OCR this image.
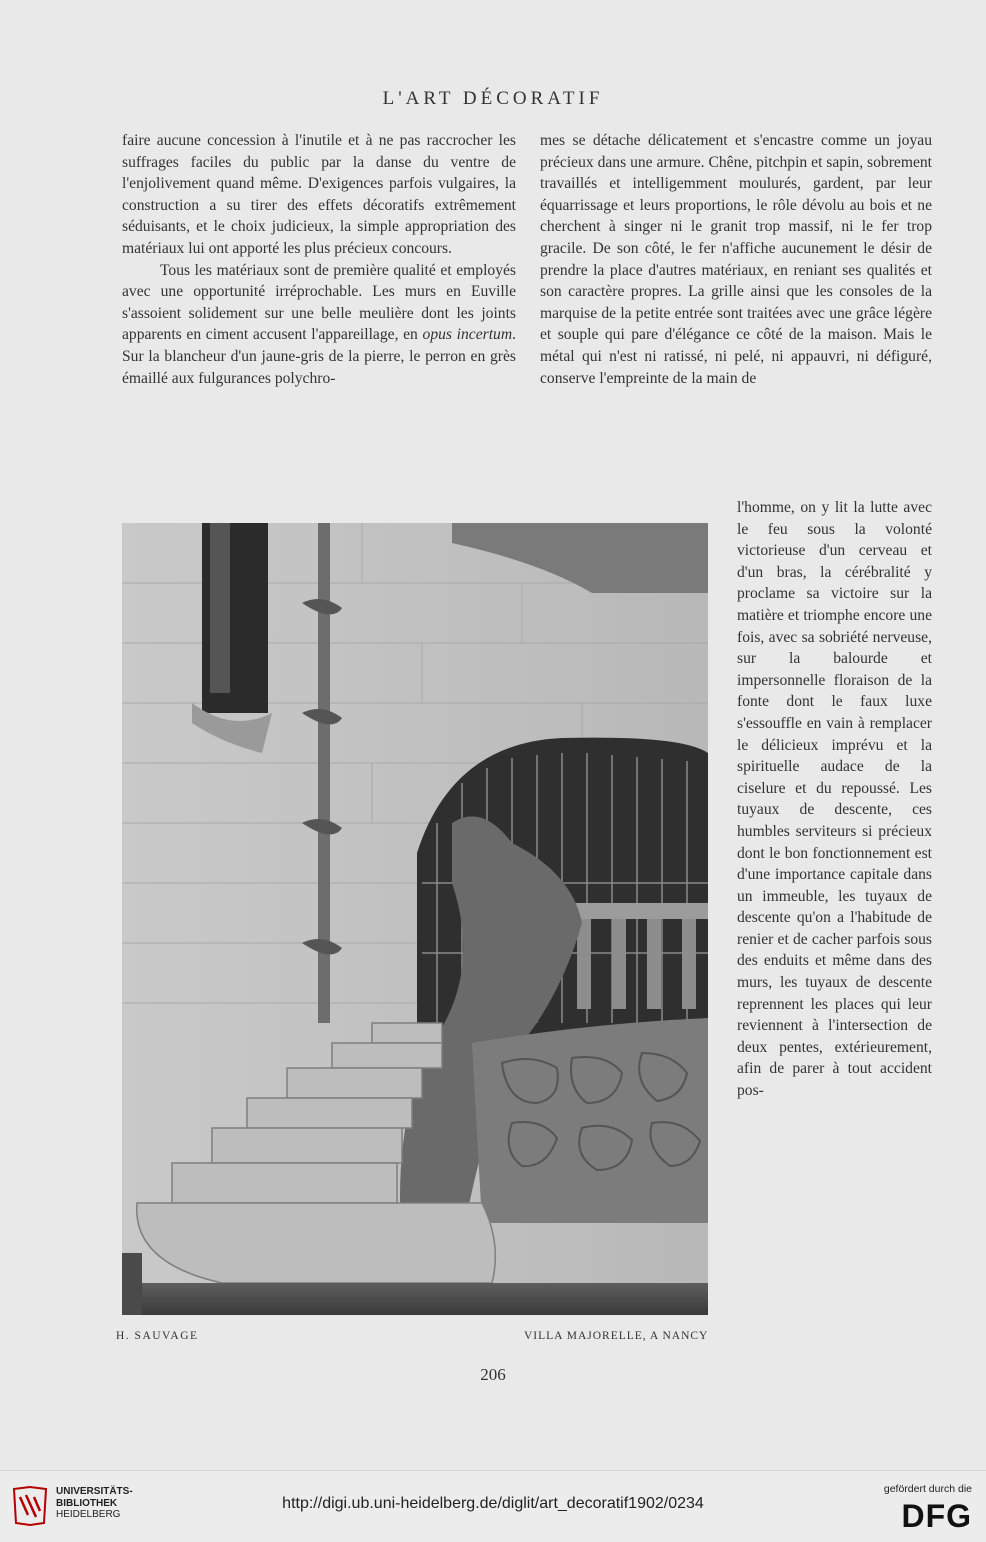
L'ART DÉCORATIF

faire aucune concession à l'inutile et à ne pas raccrocher les suffrages faciles du public par la danse du ventre de l'enjolivement quand même. D'exigences parfois vulgaires, la construction a su tirer des effets décoratifs extrêmement séduisants, et le choix judicieux, la simple appropriation des matériaux lui ont apporté les plus précieux concours.

Tous les matériaux sont de première qualité et employés avec une opportunité irréprochable. Les murs en Euville s'assoient solidement sur une belle meulière dont les joints apparents en ciment accusent l'appareillage, en opus incertum. Sur la blancheur d'un jaune-gris de la pierre, le perron en grès émaillé aux fulgurances polychro-

mes se détache délicatement et s'encastre comme un joyau précieux dans une armure. Chêne, pitchpin et sapin, sobrement travaillés et intelligemment moulurés, gardent, par leur équarrissage et leurs proportions, le rôle dévolu au bois et ne cherchent à singer ni le granit trop massif, ni le fer trop gracile. De son côté, le fer n'affiche aucunement le désir de prendre la place d'autres matériaux, en reniant ses qualités et son caractère propres. La grille ainsi que les consoles de la marquise de la petite entrée sont traitées avec une grâce légère et souple qui pare d'élégance ce côté de la maison. Mais le métal qui n'est ni ratissé, ni pelé, ni appauvri, ni défiguré, conserve l'empreinte de la main de

l'homme, on y lit la lutte avec le feu sous la volonté victorieuse d'un cerveau et d'un bras, la cérébralité y proclame sa victoire sur la matière et triomphe encore une fois, avec sa sobriété nerveuse, sur la balourde et impersonnelle floraison de la fonte dont le faux luxe s'essouffle en vain à remplacer le délicieux imprévu et la spirituelle audace de la ciselure et du repoussé. Les tuyaux de descente, ces humbles serviteurs si précieux dont le bon fonctionnement est d'une importance capitale dans un immeuble, les tuyaux de descente qu'on a l'habitude de renier et de cacher parfois sous des enduits et même dans des murs, les tuyaux de descente reprennent les places qui leur reviennent à l'intersection de deux pentes, extérieurement, afin de parer à tout accident pos-

H. SAUVAGE	VILLA MAJORELLE, A NANCY
206
UNIVERSITÄTS-
BIBLIOTHEK
HEIDELBERG
http://digi.ub.uni-heidelberg.de/diglit/art_decoratif1902/0234
gefördert durch die
DFG
